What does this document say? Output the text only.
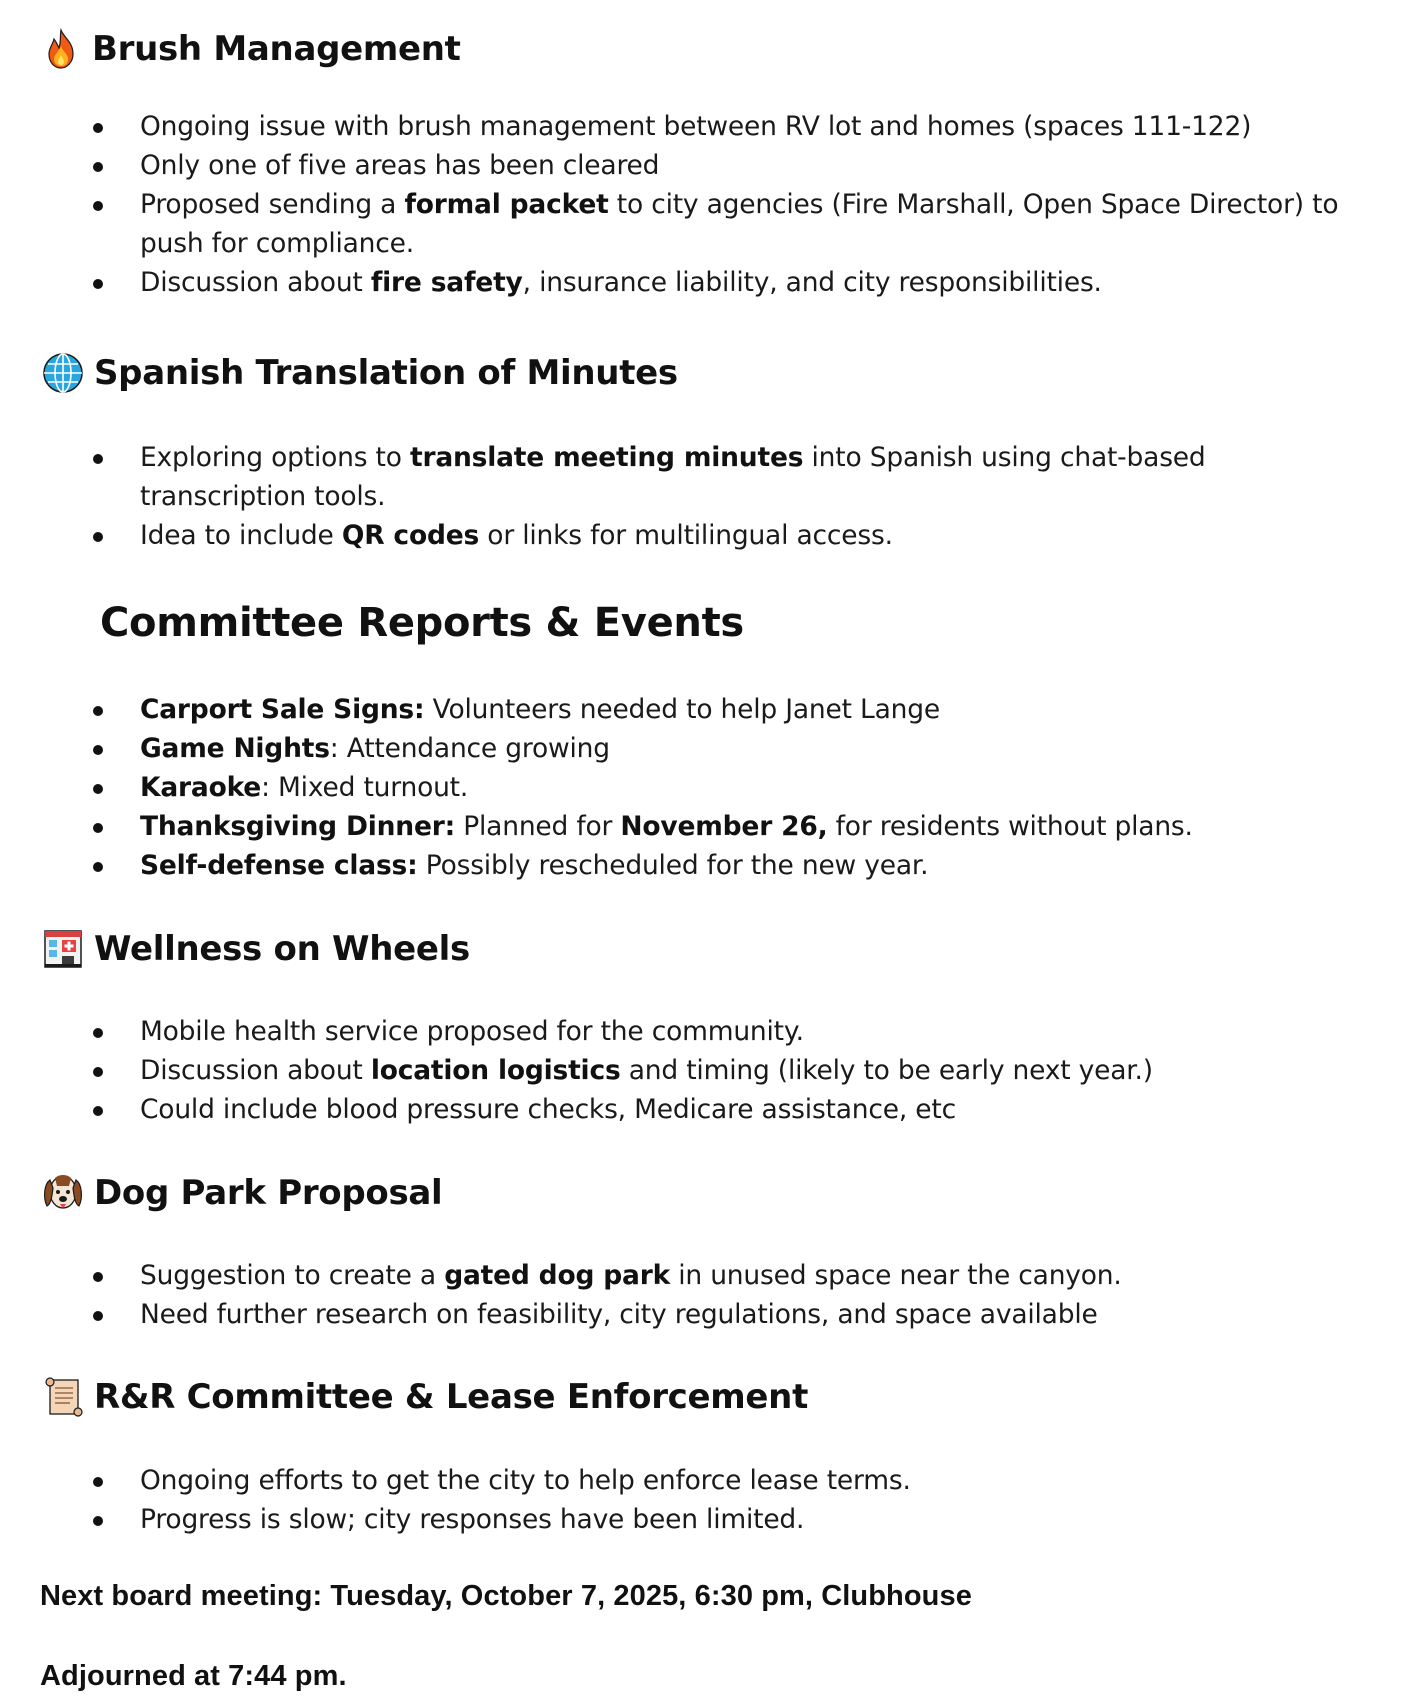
Brush Management
Ongoing issue with brush management between RV lot and homes (spaces 111-122)
Only one of five areas has been cleared
Proposed sending a formal packet to city agencies (Fire Marshall, Open Space Director) to push for compliance.
Discussion about fire safety, insurance liability, and city responsibilities.
Spanish Translation of Minutes
Exploring options to translate meeting minutes into Spanish using chat-based transcription tools.
Idea to include QR codes or links for multilingual access.
Committee Reports & Events
Carport Sale Signs: Volunteers needed to help Janet Lange
Game Nights: Attendance growing
Karaoke: Mixed turnout.
Thanksgiving Dinner: Planned for November 26, for residents without plans.
Self-defense class: Possibly rescheduled for the new year.
Wellness on Wheels
Mobile health service proposed for the community.
Discussion about location logistics and timing (likely to be early next year.)
Could include blood pressure checks, Medicare assistance, etc
Dog Park Proposal
Suggestion to create a gated dog park in unused space near the canyon.
Need further research on feasibility, city regulations, and space available
R&R Committee & Lease Enforcement
Ongoing efforts to get the city to help enforce lease terms.
Progress is slow; city responses have been limited.
Next board meeting: Tuesday, October 7, 2025, 6:30 pm, Clubhouse
Adjourned at 7:44 pm.
